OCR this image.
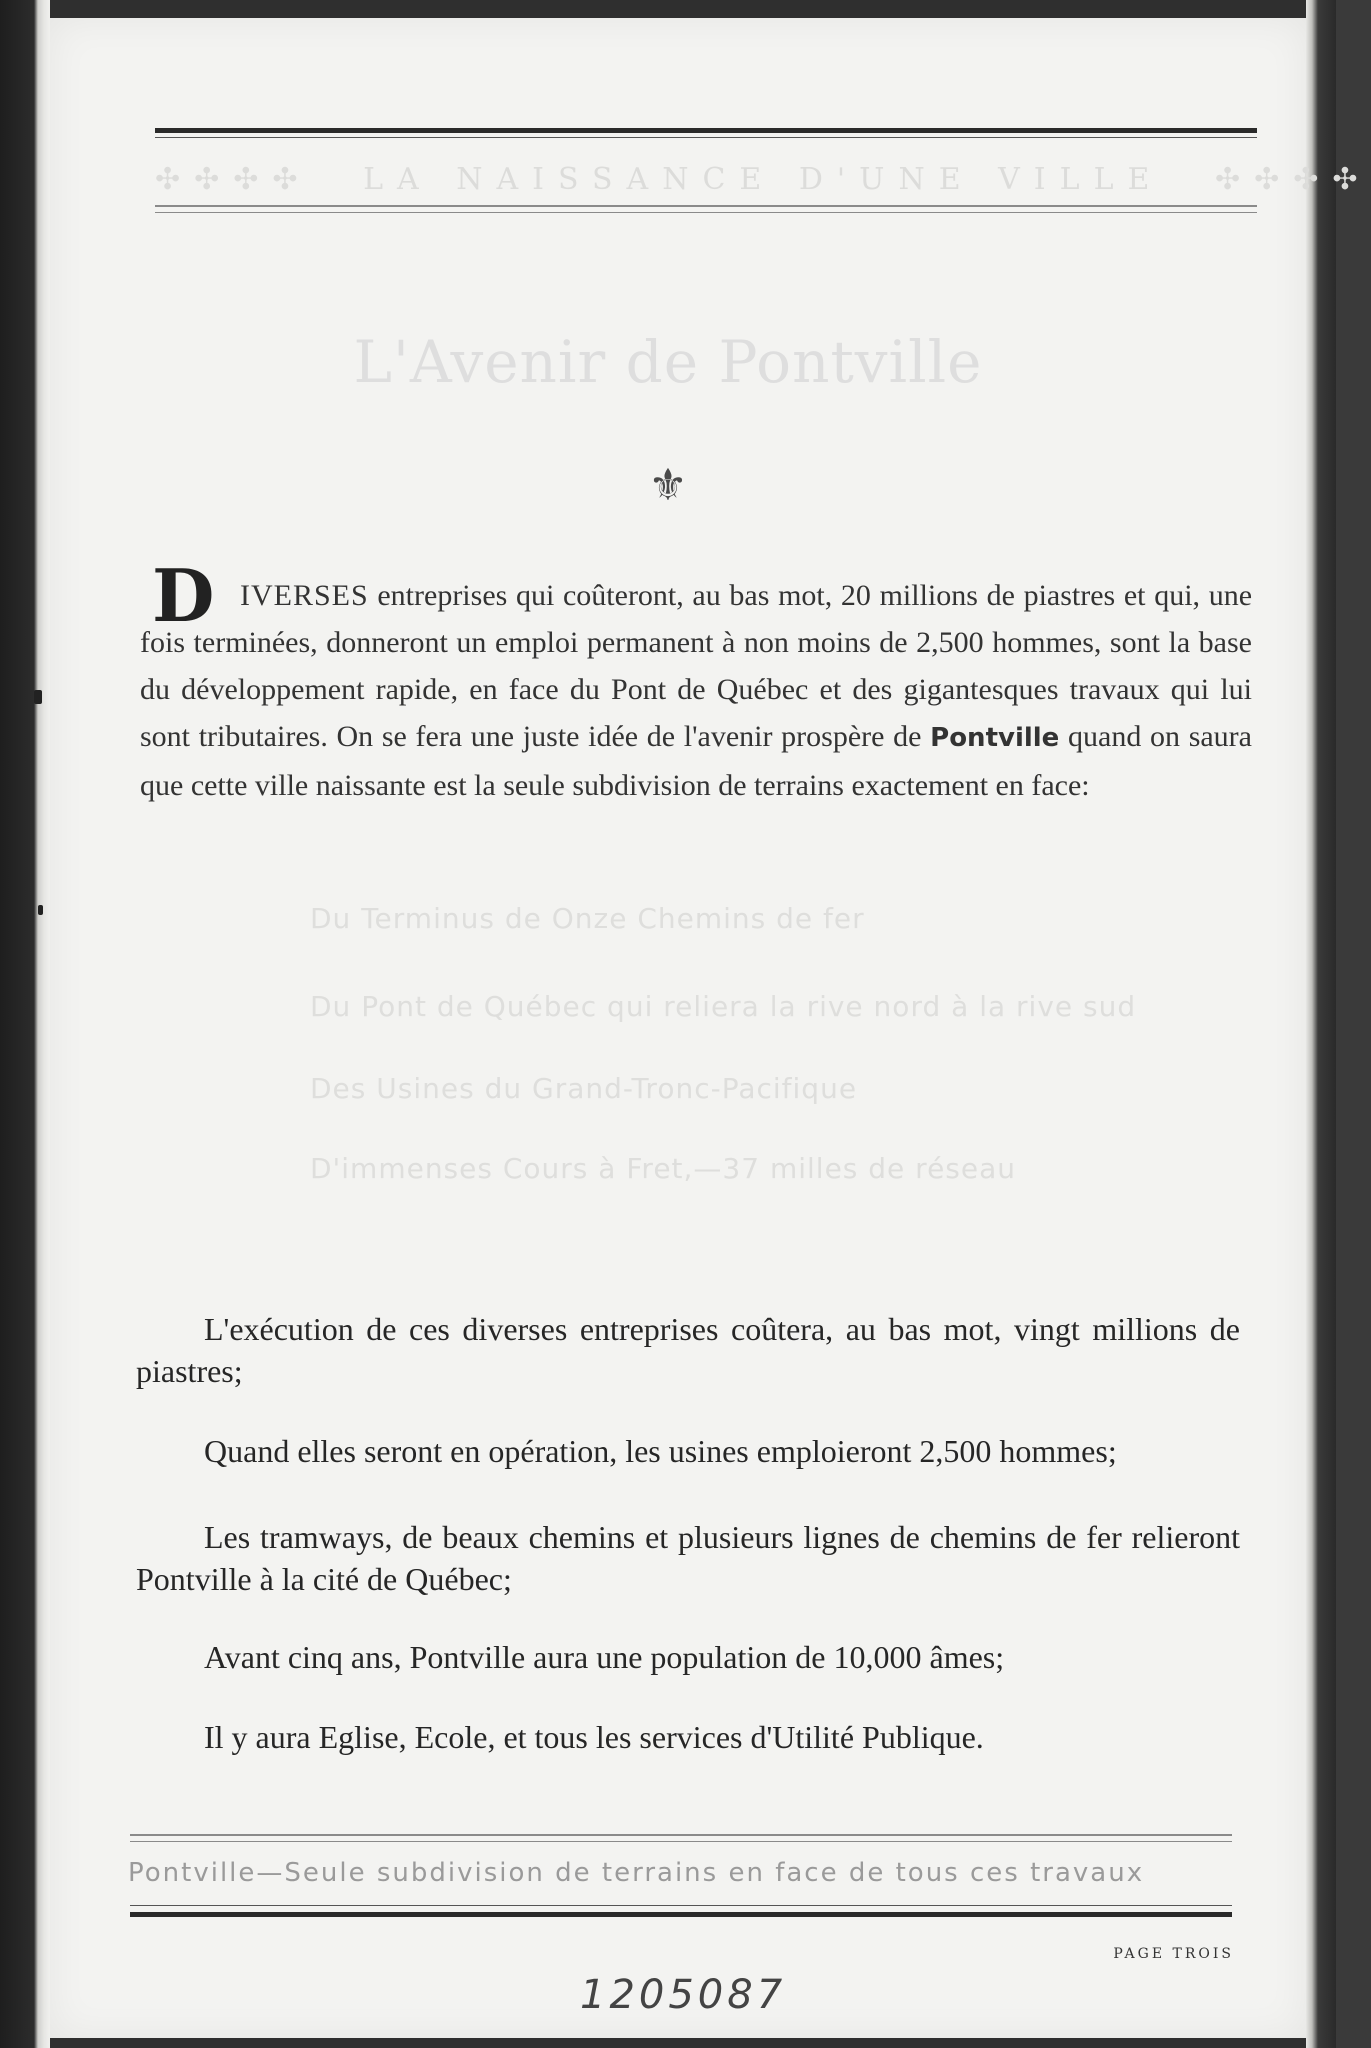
✣✣✣✣ LA NAISSANCE D'UNE VILLE ✣✣✣✣
L'Avenir de Pontville
⚜
D IVERSES entreprises qui coûteront, au bas mot, 20 millions de piastres et qui, une fois terminées, donneront un emploi permanent à non moins de 2,500 hommes, sont la base du développement rapide, en face du Pont de Québec et des gigantesques travaux qui lui sont tributaires. On se fera une juste idée de l'avenir prospère de Pontville quand on saura que cette ville naissante est la seule subdivision de terrains exactement en face:
Du Terminus de Onze Chemins de fer
Du Pont de Québec qui reliera la rive nord à la rive sud
Des Usines du Grand-Tronc-Pacifique
D'immenses Cours à Fret,—37 milles de réseau
L'exécution de ces diverses entreprises coûtera, au bas mot, vingt millions de piastres;
Quand elles seront en opération, les usines emploieront 2,500 hommes;
Les tramways, de beaux chemins et plusieurs lignes de chemins de fer relieront Pontville à la cité de Québec;
Avant cinq ans, Pontville aura une population de 10,000 âmes;
Il y aura Eglise, Ecole, et tous les services d'Utilité Publique.
Pontville—Seule subdivision de terrains en face de tous ces travaux
PAGE TROIS
1205087
